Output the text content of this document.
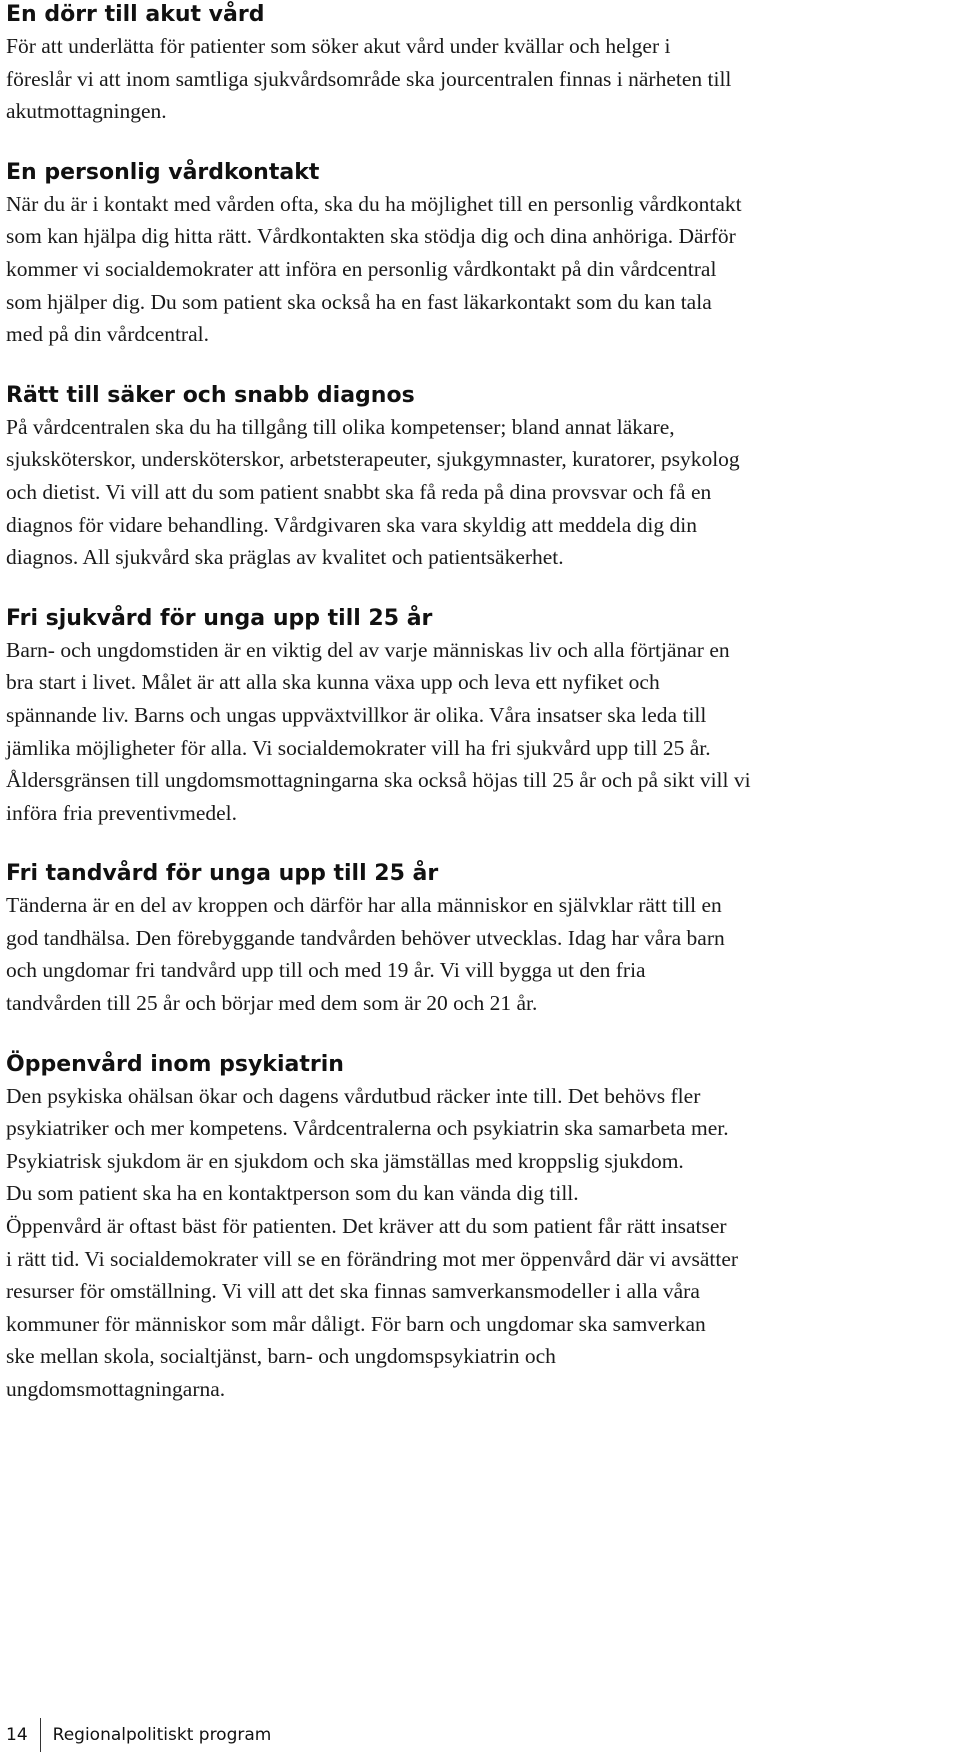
En dörr till akut vård

För att underlätta för patienter som söker akut vård under kvällar och helger i
föreslår vi att inom samtliga sjukvårdsområde ska jourcentralen finnas i närheten till
akutmottagningen.

En personlig vårdkontakt

När du är i kontakt med vården ofta, ska du ha möjlighet till en personlig vårdkontakt
som kan hjälpa dig hitta rätt. Vårdkontakten ska stödja dig och dina anhöriga. Därför
kommer vi socialdemokrater att införa en personlig vårdkontakt på din vårdcentral
som hjälper dig. Du som patient ska också ha en fast läkarkontakt som du kan tala
med på din vårdcentral.

Rätt till säker och snabb diagnos

På vårdcentralen ska du ha tillgång till olika kompetenser; bland annat läkare,
sjuksköterskor, undersköterskor, arbetsterapeuter, sjukgymnaster, kuratorer, psykolog
och dietist. Vi vill att du som patient snabbt ska få reda på dina provsvar och få en
diagnos för vidare behandling. Vårdgivaren ska vara skyldig att meddela dig din
diagnos. All sjukvård ska präglas av kvalitet och patientsäkerhet.

Fri sjukvård för unga upp till 25 år

Barn- och ungdomstiden är en viktig del av varje människas liv och alla förtjänar en
bra start i livet. Målet är att alla ska kunna växa upp och leva ett nyfiket och
spännande liv. Barns och ungas uppväxtvillkor är olika. Våra insatser ska leda till
jämlika möjligheter för alla. Vi socialdemokrater vill ha fri sjukvård upp till 25 år.
Åldersgränsen till ungdomsmottagningarna ska också höjas till 25 år och på sikt vill vi
införa fria preventivmedel.

Fri tandvård för unga upp till 25 år

Tänderna är en del av kroppen och därför har alla människor en självklar rätt till en
god tandhälsa. Den förebyggande tandvården behöver utvecklas. Idag har våra barn
och ungdomar fri tandvård upp till och med 19 år. Vi vill bygga ut den fria
tandvården till 25 år och börjar med dem som är 20 och 21 år.

Öppenvård inom psykiatrin

Den psykiska ohälsan ökar och dagens vårdutbud räcker inte till. Det behövs fler
psykiatriker och mer kompetens. Vårdcentralerna och psykiatrin ska samarbeta mer.
Psykiatrisk sjukdom är en sjukdom och ska jämställas med kroppslig sjukdom.
Du som patient ska ha en kontaktperson som du kan vända dig till.
Öppenvård är oftast bäst för patienten. Det kräver att du som patient får rätt insatser
i rätt tid. Vi socialdemokrater vill se en förändring mot mer öppenvård där vi avsätter
resurser för omställning. Vi vill att det ska finnas samverkansmodeller i alla våra
kommuner för människor som mår dåligt. För barn och ungdomar ska samverkan
ske mellan skola, socialtjänst, barn- och ungdomspsykiatrin och
ungdomsmottagningarna.

14	Regionalpolitiskt program
